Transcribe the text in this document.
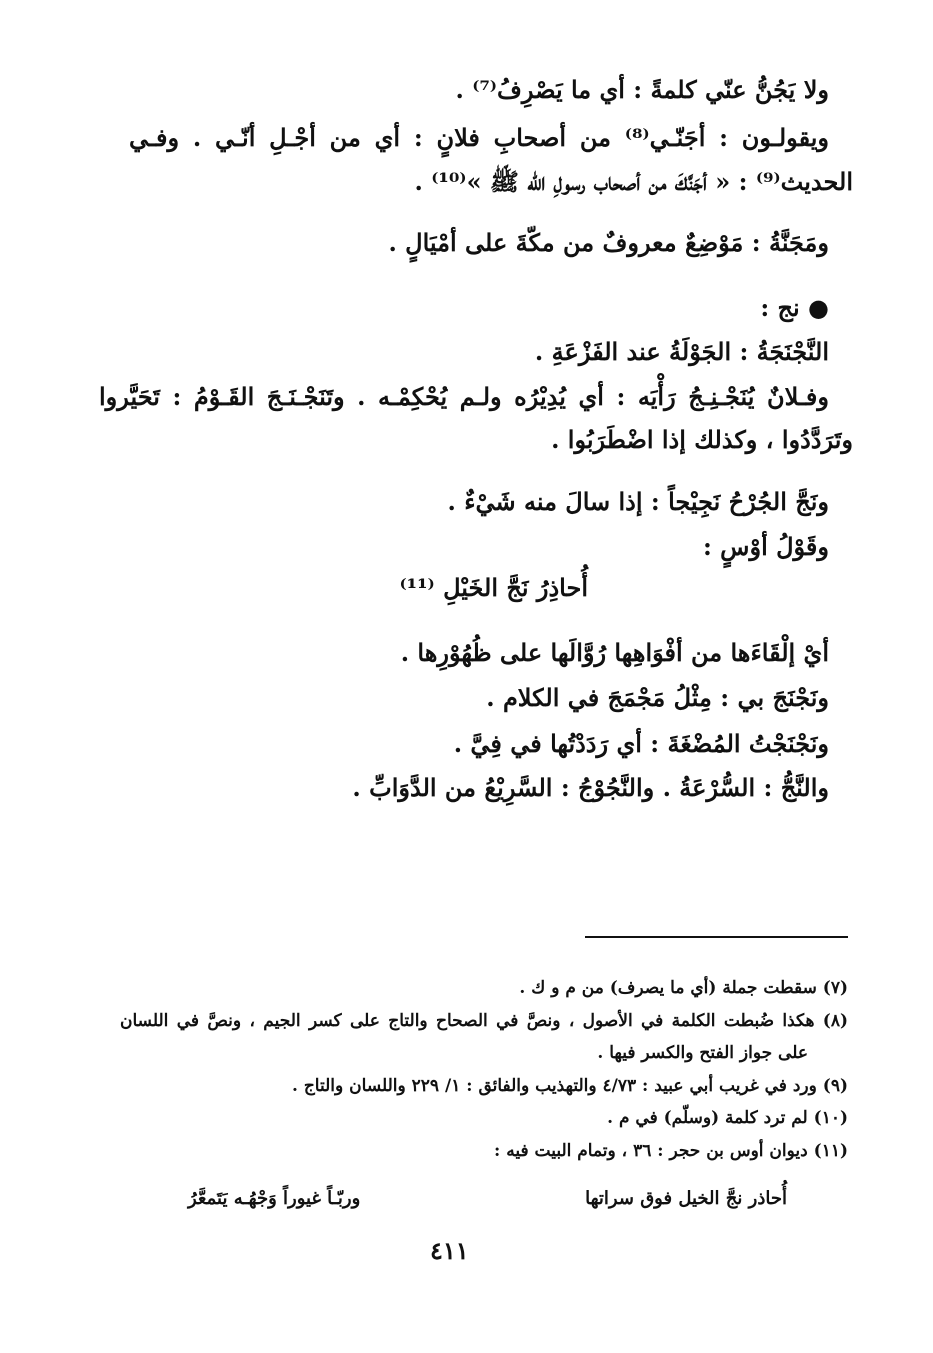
ولا يَجُنُّ عنّي كلمةً : أي ما يَصْرِفُ⁽⁷⁾ .
ويقولـون : أجَنّـي⁽⁸⁾ من أصحابِ فلانٍ : أي من أجْـلِ أنّـي . وفـي
الحديث⁽⁹⁾ : « أجَنَّكَ من أصحاب رسولِ الله ﷺ »⁽¹⁰⁾ .
ومَجَنَّةُ : مَوْضِعٌ معروفٌ من مكّةَ على أمْيَالٍ .
● نج :
النَّجْنَجَةُ : الجَوْلَةُ عند الفَزْعَةِ .
وفـلانٌ يُنَجْـنِـجُ رَأْيَه : أي يُدِيْرُه ولـم يُحْكِمْـه . وتَنَجْـنَـجَ القَـوْمُ : تَحَيَّروا
وتَرَدَّدُوا ، وكذلك إذا اضْطَرَبُوا .
ونَجَّ الجُرْحُ نَجِيْجاً : إذا سالَ منه شَيْءٌ .
وقَوْلُ أوْسٍ :
أُحاذِرُ نَجَّ الخَيْلِ ⁽¹¹⁾
أيْ إلْقَاءَها من أفْوَاهِها رُوَّالَها على ظُهُوْرِها .
ونَجْنَجَ بي : مِثْلُ مَجْمَجَ في الكلام .
ونَجْنَجْتُ المُضْغَةَ : أي رَدَدْتُها في فِيَّ .
والنَّجُّ : السُّرْعَةُ . والنَّجُوْجُ : السَّرِيْعُ من الدَّوَابِّ .
(٧) سقطت جملة (أي ما يصرف) من م و ك .
(٨) هكذا ضُبطت الكلمة في الأصول ، ونصَّ في الصحاح والتاج على كسر الجيم ، ونصَّ في اللسان
على جواز الفتح والكسر فيها .
(٩) ورد في غريب أبي عبيد : ٤/٧٣ والتهذيب والفائق : ١/ ٢٢٩ واللسان والتاج .
(١٠) لم ترد كلمة (وسلّم) في م .
(١١) ديوان أوس بن حجر : ٣٦ ، وتمام البيت فيه :
أُحاذر نجَّ الخيل فوق سراتها
وربّـاً غيوراً وَجْهُـه يَتَمعَّرُ
٤١١
